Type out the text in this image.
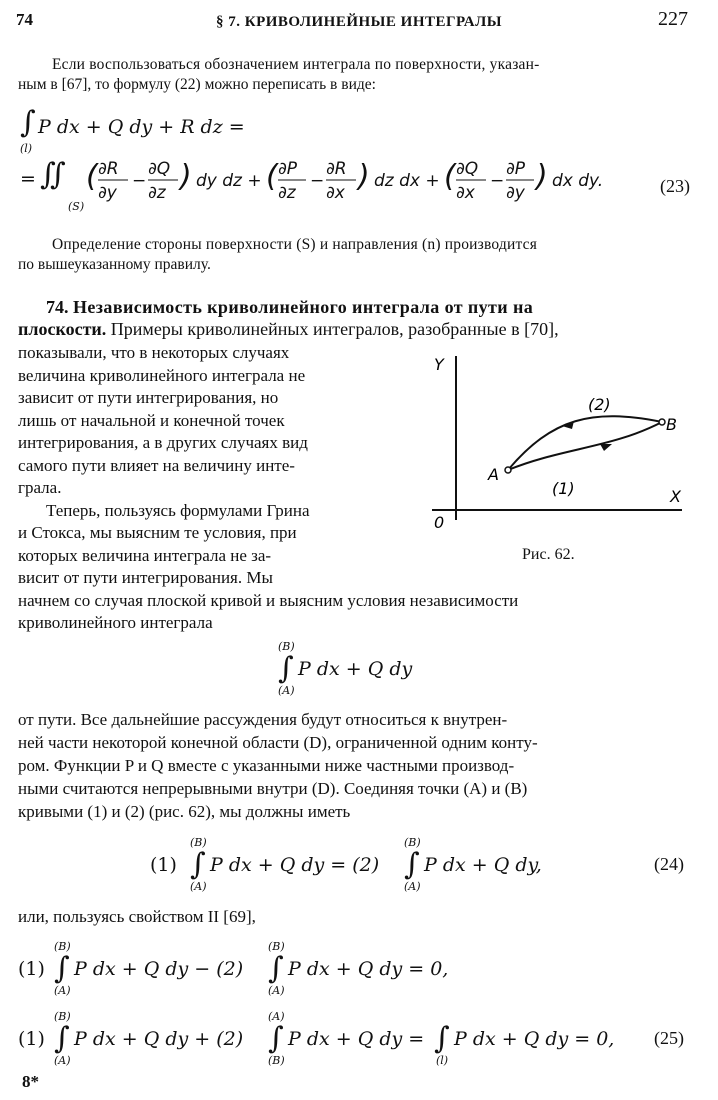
74	§ 7. КРИВОЛИНЕЙНЫЕ ИНТЕГРАЛЫ	227
Если воспользоваться обозначением интеграла по поверхности, указан-
ным в [67], то формулу (22) можно переписать в виде:
∫
(l)
P dx + Q dy + R dz =
= ∬
(S)
( ∂R
∂y
−
∂Q
∂z ) dy dz + ( ∂P
∂z
−
∂R
∂x ) dz dx + ( ∂Q
∂x
−
∂P
∂y ) dx dy.	(23)
Определение стороны поверхности (S) и направления (n) производится
по вышеуказанному правилу.
74. Независимость криволинейного интеграла от пути на
плоскости. Примеры криволинейных интегралов, разобранные в [70],
показывали, что в некоторых случаях
величина криволинейного интеграла не
зависит от пути интегрирования, но
лишь от начальной и конечной точек
интегрирования, а в других случаях вид
самого пути влияет на величину инте-
грала.
Теперь, пользуясь формулами Грина
и Стокса, мы выясним те условия, при
которых величина интеграла не за-
висит от пути интегрирования. Мы
Y
X
0
A
B
(1)
(2)
Рис. 62.
начнем со случая плоской кривой и выясним условия независимости
криволинейного интеграла
(B)
∫
(A)
P dx + Q dy
от пути. Все дальнейшие рассуждения будут относиться к внутрен-
ней части некоторой конечной области (D), ограниченной одним конту-
ром. Функции P и Q вместе с указанными ниже частными производ-
ными считаются непрерывными внутри (D). Соединяя точки (A) и (B)
кривыми (1) и (2) (рис. 62), мы должны иметь
(1)
(B)
∫
(A)
P dx + Q dy = (2)
(B)
∫
(A)
P dx + Q dy,	(24)
или, пользуясь свойством II [69],
(1)
(B)
∫
(A)
P dx + Q dy − (2)
(B)
∫
(A)
P dx + Q dy = 0,
(1)
(B)
∫
(A)
P dx + Q dy + (2)
(A)
∫
(B)
P dx + Q dy = ∫
(l)
P dx + Q dy = 0, (25)
8*
